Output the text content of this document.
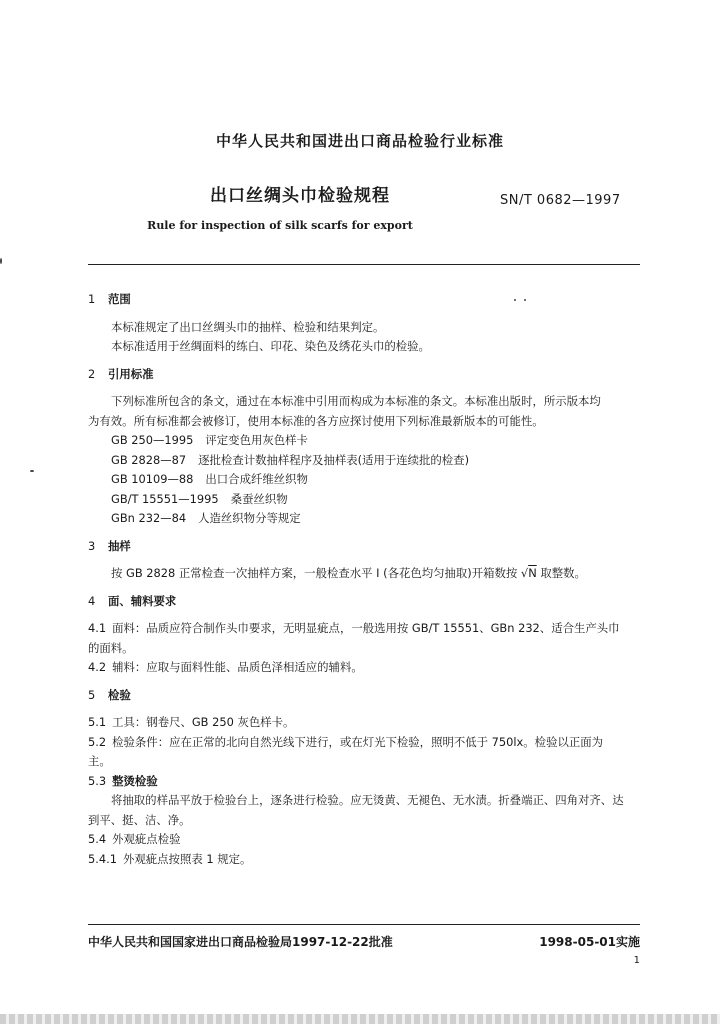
中华人民共和国进出口商品检验行业标准
出口丝绸头巾检验规程	SN/T 0682—1997
Rule for inspection of silk scarfs for export
1 范围
本标准规定了出口丝绸头巾的抽样、检验和结果判定。
本标准适用于丝绸面料的练白、印花、染色及绣花头巾的检验。
2 引用标准
下列标准所包含的条文，通过在本标准中引用而构成为本标准的条文。本标准出版时，所示版本均
为有效。所有标准都会被修订，使用本标准的各方应探讨使用下列标准最新版本的可能性。
GB 250—1995 评定变色用灰色样卡
GB 2828—87 逐批检查计数抽样程序及抽样表(适用于连续批的检查)
GB 10109—88 出口合成纤维丝织物
GB/T 15551—1995 桑蚕丝织物
GBn 232—84 人造丝织物分等规定
3 抽样
按 GB 2828 正常检查一次抽样方案，一般检查水平 I (各花色均匀抽取)开箱数按 √N 取整数。
4 面、辅料要求
4.1 面料：品质应符合制作头巾要求，无明显疵点，一般选用按 GB/T 15551、GBn 232、适合生产头巾
的面料。
4.2 辅料：应取与面料性能、品质色泽相适应的辅料。
5 检验
5.1 工具：钢卷尺、GB 250 灰色样卡。
5.2 检验条件：应在正常的北向自然光线下进行，或在灯光下检验，照明不低于 750lx。检验以正面为
主。
5.3 整烫检验
将抽取的样品平放于检验台上，逐条进行检验。应无烫黄、无褪色、无水渍。折叠端正、四角对齐、达
到平、挺、洁、净。
5.4 外观疵点检验
5.4.1 外观疵点按照表 1 规定。
中华人民共和国国家进出口商品检验局1997-12-22批准	1998-05-01实施
1
